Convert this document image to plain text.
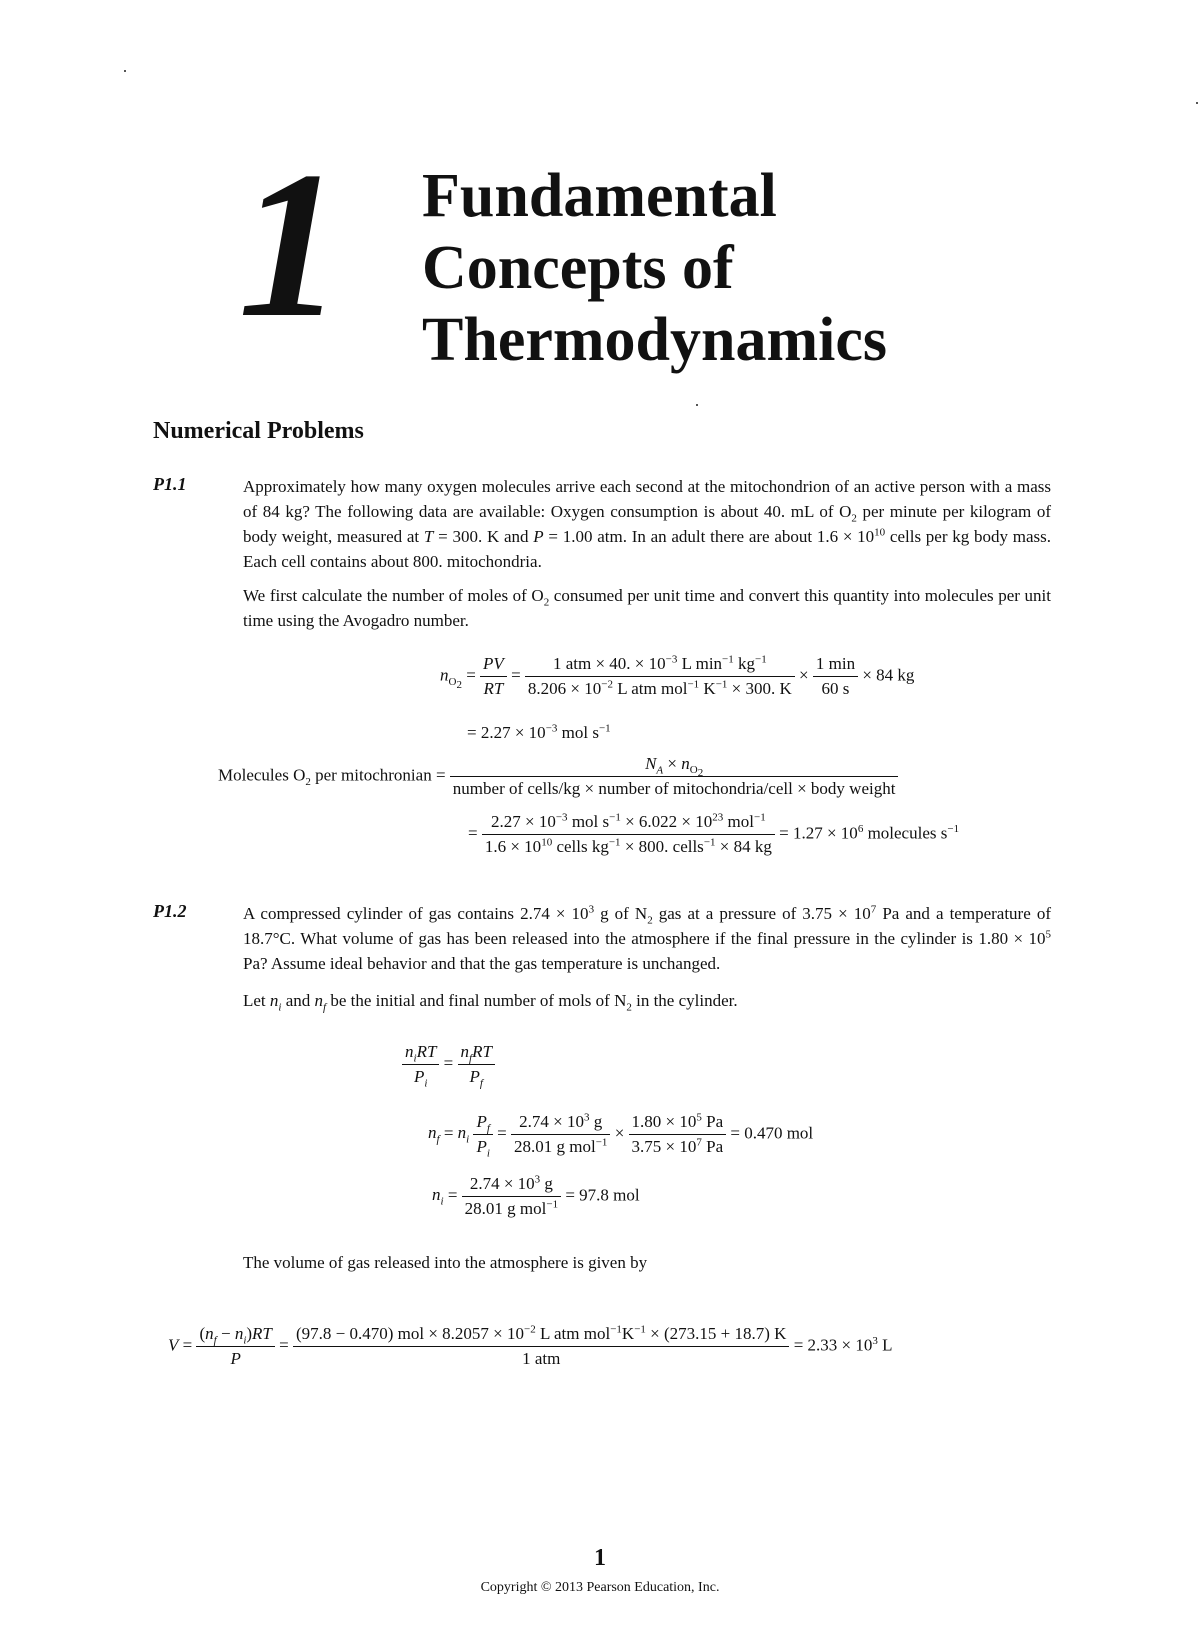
1 Fundamental
Concepts of
Thermodynamics
Numerical Problems
P1.1	Approximately how many oxygen molecules arrive each second at the mitochondrion of an active person with a mass of 84 kg? The following data are available: Oxygen consumption is about 40. mL of $O_2$ per minute per kilogram of body weight, measured at T = 300. K and P = 1.00 atm. In an adult there are about $1.6 \times 10^{10}$ cells per kg body mass. Each cell contains about 800. mitochondria.
We first calculate the number of moles of $O_2$ consumed per unit time and convert this quantity into molecules per unit time using the Avogadro number.
$n_{O_2} = \frac{PV}{RT} = \frac{1 atm \times 40. \times 10^{-3} L \min^{-1} kg^{-1}}{8.206 \times 10^{-2} L atm mol^{-1} K^{-1} \times 300. K} \times \frac{1 \min}{60 s} \times 84$ kg
= $2.27 \times 10^{-3}$ mol $s^{-1}$
Molecules $O_2$ per mitochronian =
$N_A \times n_{O_2}$
number of cells/kg × number of mitochondria/cell × body weight
= $\frac{2.27 \times 10^{-3} mol s^{-1} \times 6.022 \times 10^{23} mol^{-1}}{1.6 \times 10^{10} cells kg^{-1} \times 800. cells^{-1} \times 84 kg} = 1.27 \times 10^6$ molecules $s^{-1}$
P1.2	A compressed cylinder of gas contains $2.74 \times 10^3$ g of $N_2$ gas at a pressure of $3.75 \times 10^7$ Pa and a temperature of 18.7°C. What volume of gas has been released into the atmosphere if the final pressure in the cylinder is $1.80 \times 10^5$ Pa? Assume ideal behavior and that the gas temperature is unchanged.
Let $n_i$ and $n_f$ be the initial and final number of mols of $N_2$ in the cylinder.
$\frac{n_iRT}{P_i} = \frac{n_fRT}{P_f}$
$n_f = n_i \frac{P_f}{P_i} = \frac{2.74 \times 10^3 g}{28.01 g mol^{-1}} \times \frac{1.80 \times 10^5 Pa}{3.75 \times 10^7 Pa} = 0.470$ mol
$n_i = \frac{2.74 \times 10^3 g}{28.01 g mol^{-1}} = 97.8$ mol
The volume of gas released into the atmosphere is given by
$V = \frac{(n_f - n_i)RT}{P}$ =
(97.8 − 0.470) mol × $8.2057 \times 10^{-2}$ L atm $mol^{-1}K^{-1} \times (273.15 + 18.7)$ K
1 atm
= $2.33 \times 10^3$ L
1
Copyright © 2013 Pearson Education, Inc.
